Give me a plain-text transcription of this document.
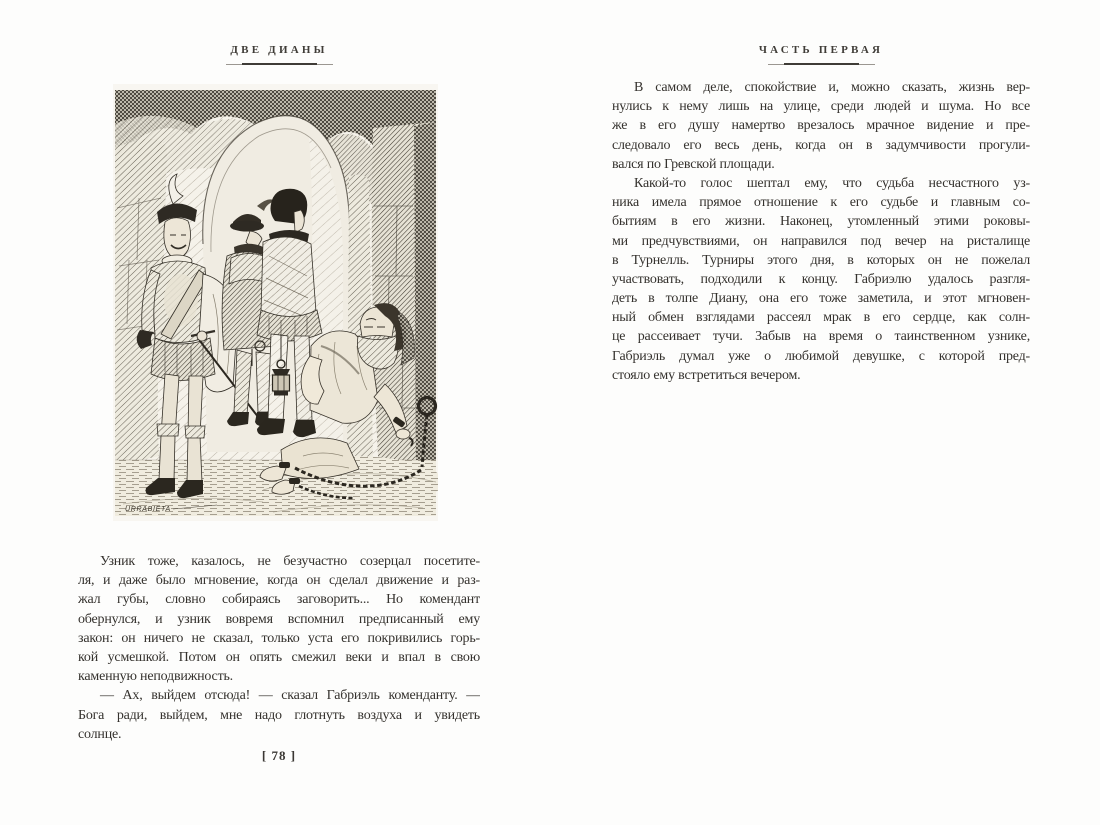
ДВЕ ДИАНЫ
URRABIETA
Узник тоже, казалось, не безучастно созерцал посетите-
ля, и даже было мгновение, когда он сделал движение и раз-
жал губы, словно собираясь заговорить... Но комендант
обернулся, и узник вовремя вспомнил предписанный ему
закон: он ничего не сказал, только уста его покривились горь-
кой усмешкой. Потом он опять смежил веки и впал в свою
каменную неподвижность.
— Ах, выйдем отсюда! — сказал Габриэль коменданту. —
Бога ради, выйдем, мне надо глотнуть воздуха и увидеть
солнце.
[ 78 ]
ЧАСТЬ ПЕРВАЯ
В самом деле, спокойствие и, можно сказать, жизнь вер-
нулись к нему лишь на улице, среди людей и шума. Но все
же в его душу намертво врезалось мрачное видение и пре-
следовало его весь день, когда он в задумчивости прогули-
вался по Гревской площади.
Какой-то голос шептал ему, что судьба несчастного уз-
ника имела прямое отношение к его судьбе и главным со-
бытиям в его жизни. Наконец, утомленный этими роковы-
ми предчувствиями, он направился под вечер на ристалище
в Турнелль. Турниры этого дня, в которых он не пожелал
участвовать, подходили к концу. Габриэлю удалось разгля-
деть в толпе Диану, она его тоже заметила, и этот мгновен-
ный обмен взглядами рассеял мрак в его сердце, как солн-
це рассеивает тучи. Забыв на время о таинственном узнике,
Габриэль думал уже о любимой девушке, с которой пред-
стояло ему встретиться вечером.
